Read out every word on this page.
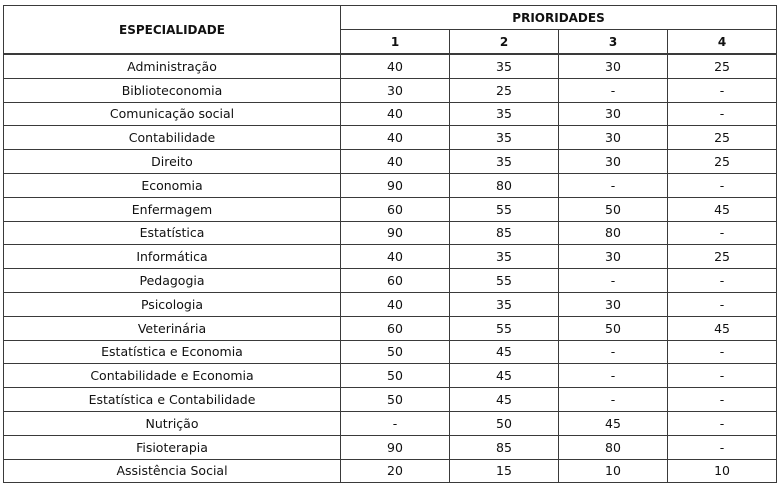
ESPECIALIDADE	PRIORIDADES			
	1	2	3	4
Administração	40	35	30	25
Biblioteconomia	30	25	-	-
Comunicação social	40	35	30	-
Contabilidade	40	35	30	25
Direito	40	35	30	25
Economia	90	80	-	-
Enfermagem	60	55	50	45
Estatística	90	85	80	-
Informática	40	35	30	25
Pedagogia	60	55	-	-
Psicologia	40	35	30	-
Veterinária	60	55	50	45
Estatística e Economia	50	45	-	-
Contabilidade e Economia	50	45	-	-
Estatística e Contabilidade	50	45	-	-
Nutrição	-	50	45	-
Fisioterapia	90	85	80	-
Assistência Social	20	15	10	10
